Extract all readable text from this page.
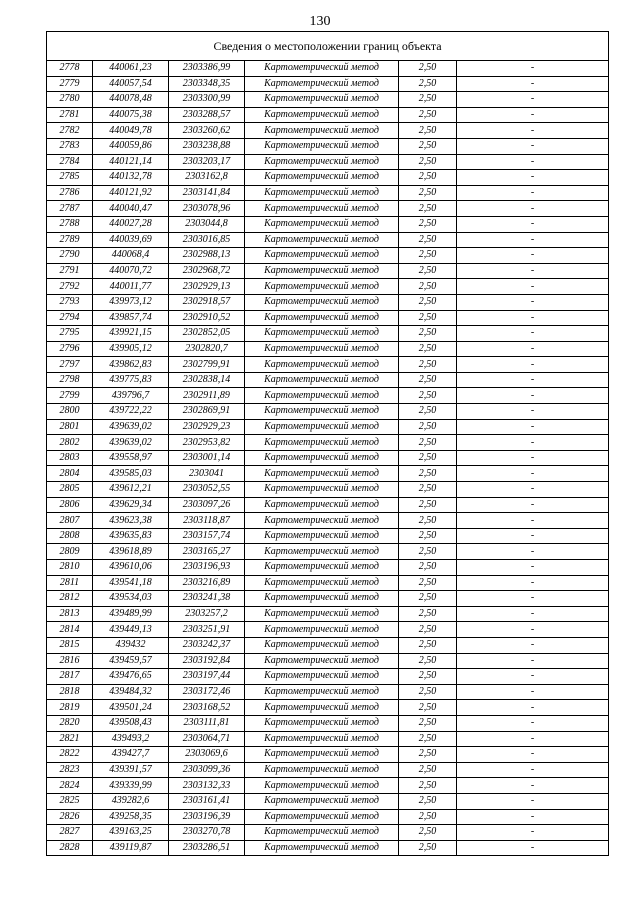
130
Сведения о местоположении границ объекта					
2778	440061,23	2303386,99	Картометрический метод	2,50	-
2779	440057,54	2303348,35	Картометрический метод	2,50	-
2780	440078,48	2303300,99	Картометрический метод	2,50	-
2781	440075,38	2303288,57	Картометрический метод	2,50	-
2782	440049,78	2303260,62	Картометрический метод	2,50	-
2783	440059,86	2303238,88	Картометрический метод	2,50	-
2784	440121,14	2303203,17	Картометрический метод	2,50	-
2785	440132,78	2303162,8	Картометрический метод	2,50	-
2786	440121,92	2303141,84	Картометрический метод	2,50	-
2787	440040,47	2303078,96	Картометрический метод	2,50	-
2788	440027,28	2303044,8	Картометрический метод	2,50	-
2789	440039,69	2303016,85	Картометрический метод	2,50	-
2790	440068,4	2302988,13	Картометрический метод	2,50	-
2791	440070,72	2302968,72	Картометрический метод	2,50	-
2792	440011,77	2302929,13	Картометрический метод	2,50	-
2793	439973,12	2302918,57	Картометрический метод	2,50	-
2794	439857,74	2302910,52	Картометрический метод	2,50	-
2795	439921,15	2302852,05	Картометрический метод	2,50	-
2796	439905,12	2302820,7	Картометрический метод	2,50	-
2797	439862,83	2302799,91	Картометрический метод	2,50	-
2798	439775,83	2302838,14	Картометрический метод	2,50	-
2799	439796,7	2302911,89	Картометрический метод	2,50	-
2800	439722,22	2302869,91	Картометрический метод	2,50	-
2801	439639,02	2302929,23	Картометрический метод	2,50	-
2802	439639,02	2302953,82	Картометрический метод	2,50	-
2803	439558,97	2303001,14	Картометрический метод	2,50	-
2804	439585,03	2303041	Картометрический метод	2,50	-
2805	439612,21	2303052,55	Картометрический метод	2,50	-
2806	439629,34	2303097,26	Картометрический метод	2,50	-
2807	439623,38	2303118,87	Картометрический метод	2,50	-
2808	439635,83	2303157,74	Картометрический метод	2,50	-
2809	439618,89	2303165,27	Картометрический метод	2,50	-
2810	439610,06	2303196,93	Картометрический метод	2,50	-
2811	439541,18	2303216,89	Картометрический метод	2,50	-
2812	439534,03	2303241,38	Картометрический метод	2,50	-
2813	439489,99	2303257,2	Картометрический метод	2,50	-
2814	439449,13	2303251,91	Картометрический метод	2,50	-
2815	439432	2303242,37	Картометрический метод	2,50	-
2816	439459,57	2303192,84	Картометрический метод	2,50	-
2817	439476,65	2303197,44	Картометрический метод	2,50	-
2818	439484,32	2303172,46	Картометрический метод	2,50	-
2819	439501,24	2303168,52	Картометрический метод	2,50	-
2820	439508,43	2303111,81	Картометрический метод	2,50	-
2821	439493,2	2303064,71	Картометрический метод	2,50	-
2822	439427,7	2303069,6	Картометрический метод	2,50	-
2823	439391,57	2303099,36	Картометрический метод	2,50	-
2824	439339,99	2303132,33	Картометрический метод	2,50	-
2825	439282,6	2303161,41	Картометрический метод	2,50	-
2826	439258,35	2303196,39	Картометрический метод	2,50	-
2827	439163,25	2303270,78	Картометрический метод	2,50	-
2828	439119,87	2303286,51	Картометрический метод	2,50	-
